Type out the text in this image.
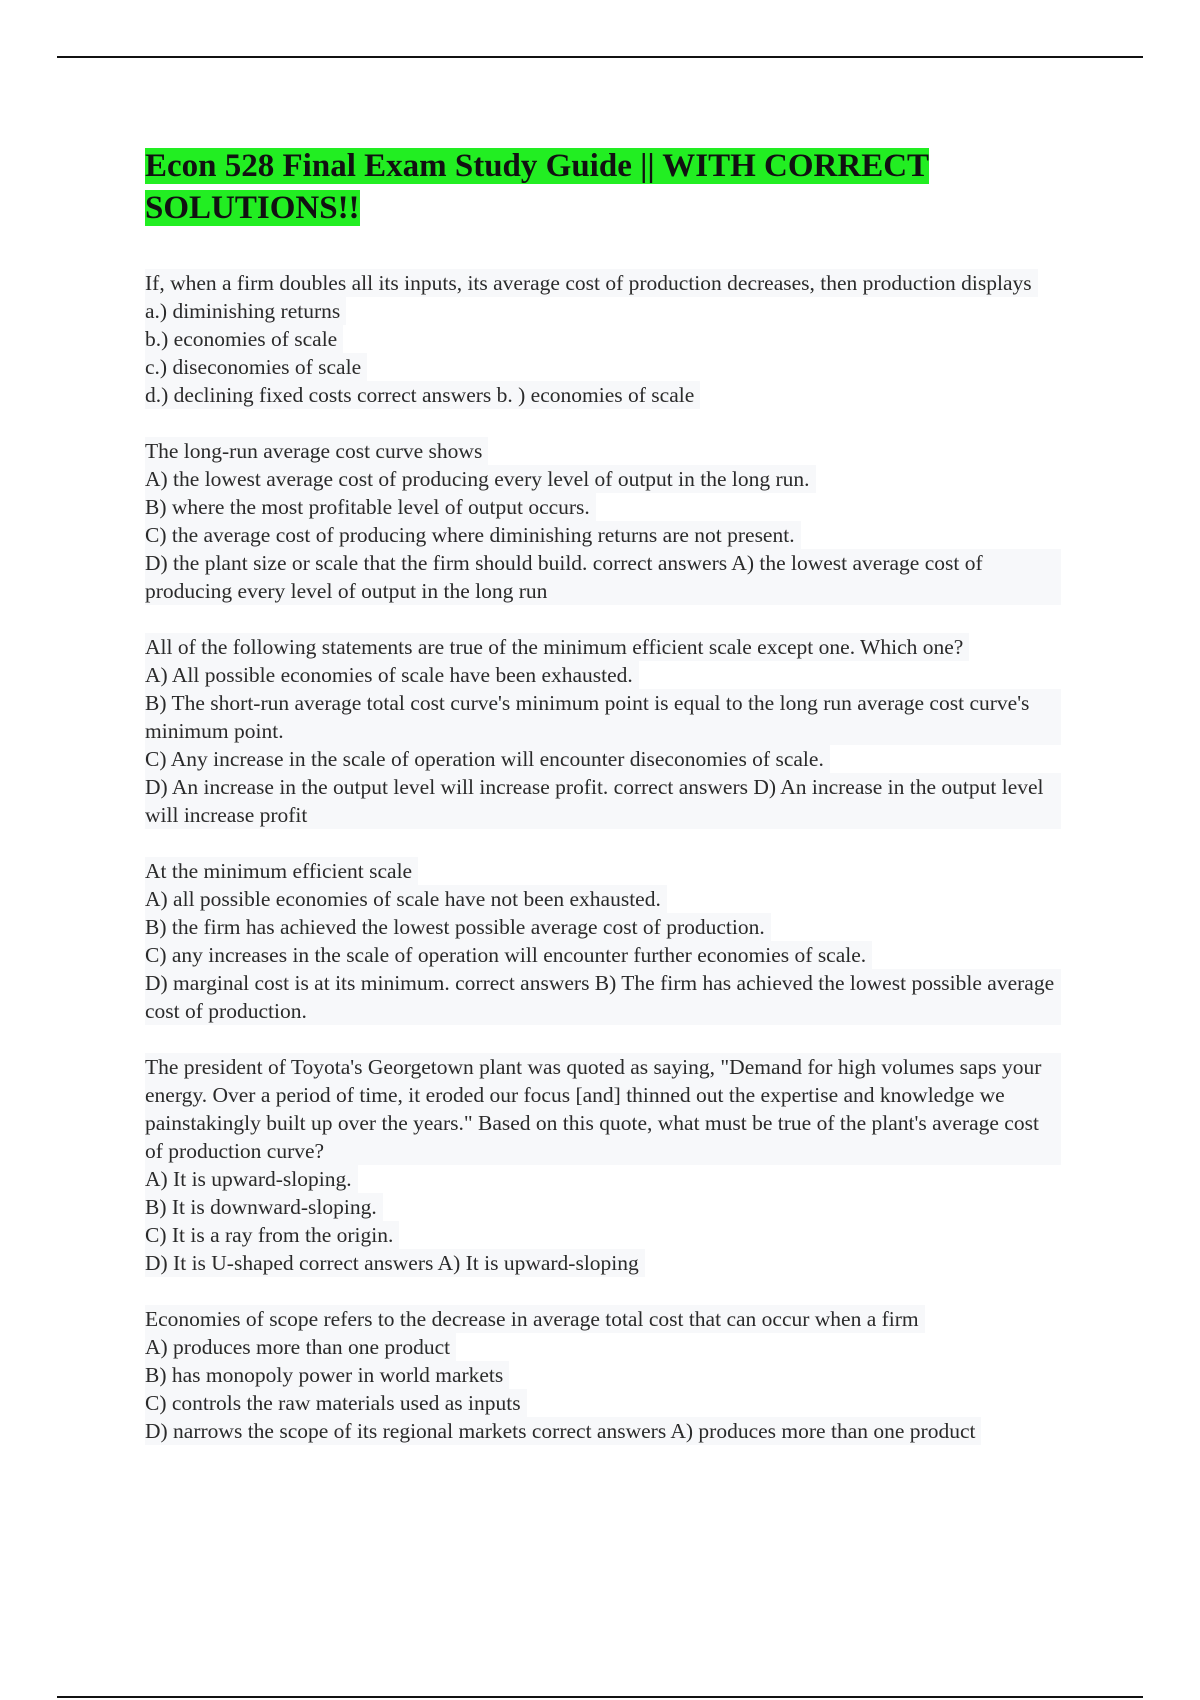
Econ 528 Final Exam Study Guide || WITH CORRECT SOLUTIONS!!
If, when a firm doubles all its inputs, its average cost of production decreases, then production displays
a.) diminishing returns
b.) economies of scale
c.) diseconomies of scale
d.) declining fixed costs correct answers b. ) economies of scale
The long-run average cost curve shows
A) the lowest average cost of producing every level of output in the long run.
B) where the most profitable level of output occurs.
C) the average cost of producing where diminishing returns are not present.
D) the plant size or scale that the firm should build. correct answers A) the lowest average cost of producing every level of output in the long run
All of the following statements are true of the minimum efficient scale except one. Which one?
A) All possible economies of scale have been exhausted.
B) The short-run average total cost curve's minimum point is equal to the long run average cost curve's minimum point.
C) Any increase in the scale of operation will encounter diseconomies of scale.
D) An increase in the output level will increase profit. correct answers D) An increase in the output level will increase profit
At the minimum efficient scale
A) all possible economies of scale have not been exhausted.
B) the firm has achieved the lowest possible average cost of production.
C) any increases in the scale of operation will encounter further economies of scale.
D) marginal cost is at its minimum. correct answers B) The firm has achieved the lowest possible average cost of production.
The president of Toyota's Georgetown plant was quoted as saying, "Demand for high volumes saps your energy. Over a period of time, it eroded our focus [and] thinned out the expertise and knowledge we painstakingly built up over the years." Based on this quote, what must be true of the plant's average cost of production curve?
A) It is upward-sloping.
B) It is downward-sloping.
C) It is a ray from the origin.
D) It is U-shaped correct answers A) It is upward-sloping
Economies of scope refers to the decrease in average total cost that can occur when a firm
A) produces more than one product
B) has monopoly power in world markets
C) controls the raw materials used as inputs
D) narrows the scope of its regional markets correct answers A) produces more than one product
